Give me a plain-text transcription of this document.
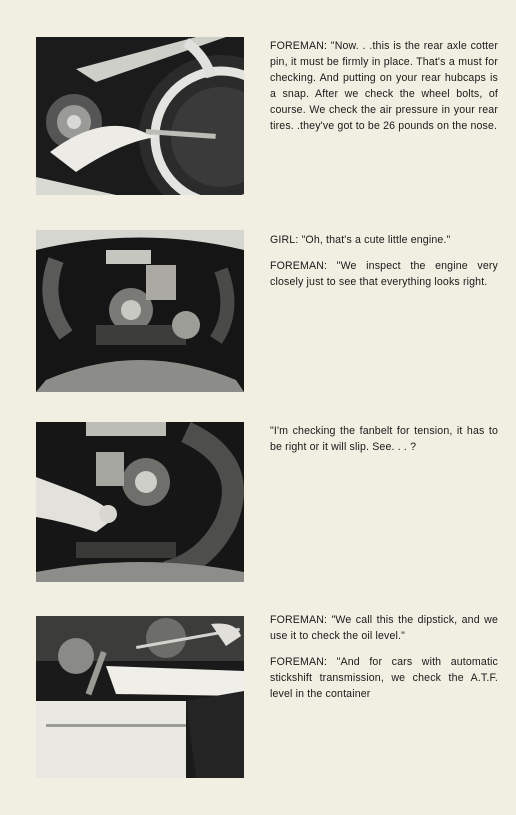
FOREMAN: "Now. . .this is the rear axle cotter pin, it must be firmly in place. That's a must for checking. And putting on your rear hubcaps is a snap. After we check the wheel bolts, of course. We check the air pressure in your rear tires. .they've got to be 26 pounds on the nose.

GIRL: "Oh, that's a cute little engine."

FOREMAN: "We inspect the engine very closely just to see that everything looks right.

"I'm checking the fanbelt for tension, it has to be right or it will slip. See. . . ?

FOREMAN: "We call this the dipstick, and we use it to check the oil level."

FOREMAN: "And for cars with automatic stickshift transmission, we check the A.T.F. level in the container
